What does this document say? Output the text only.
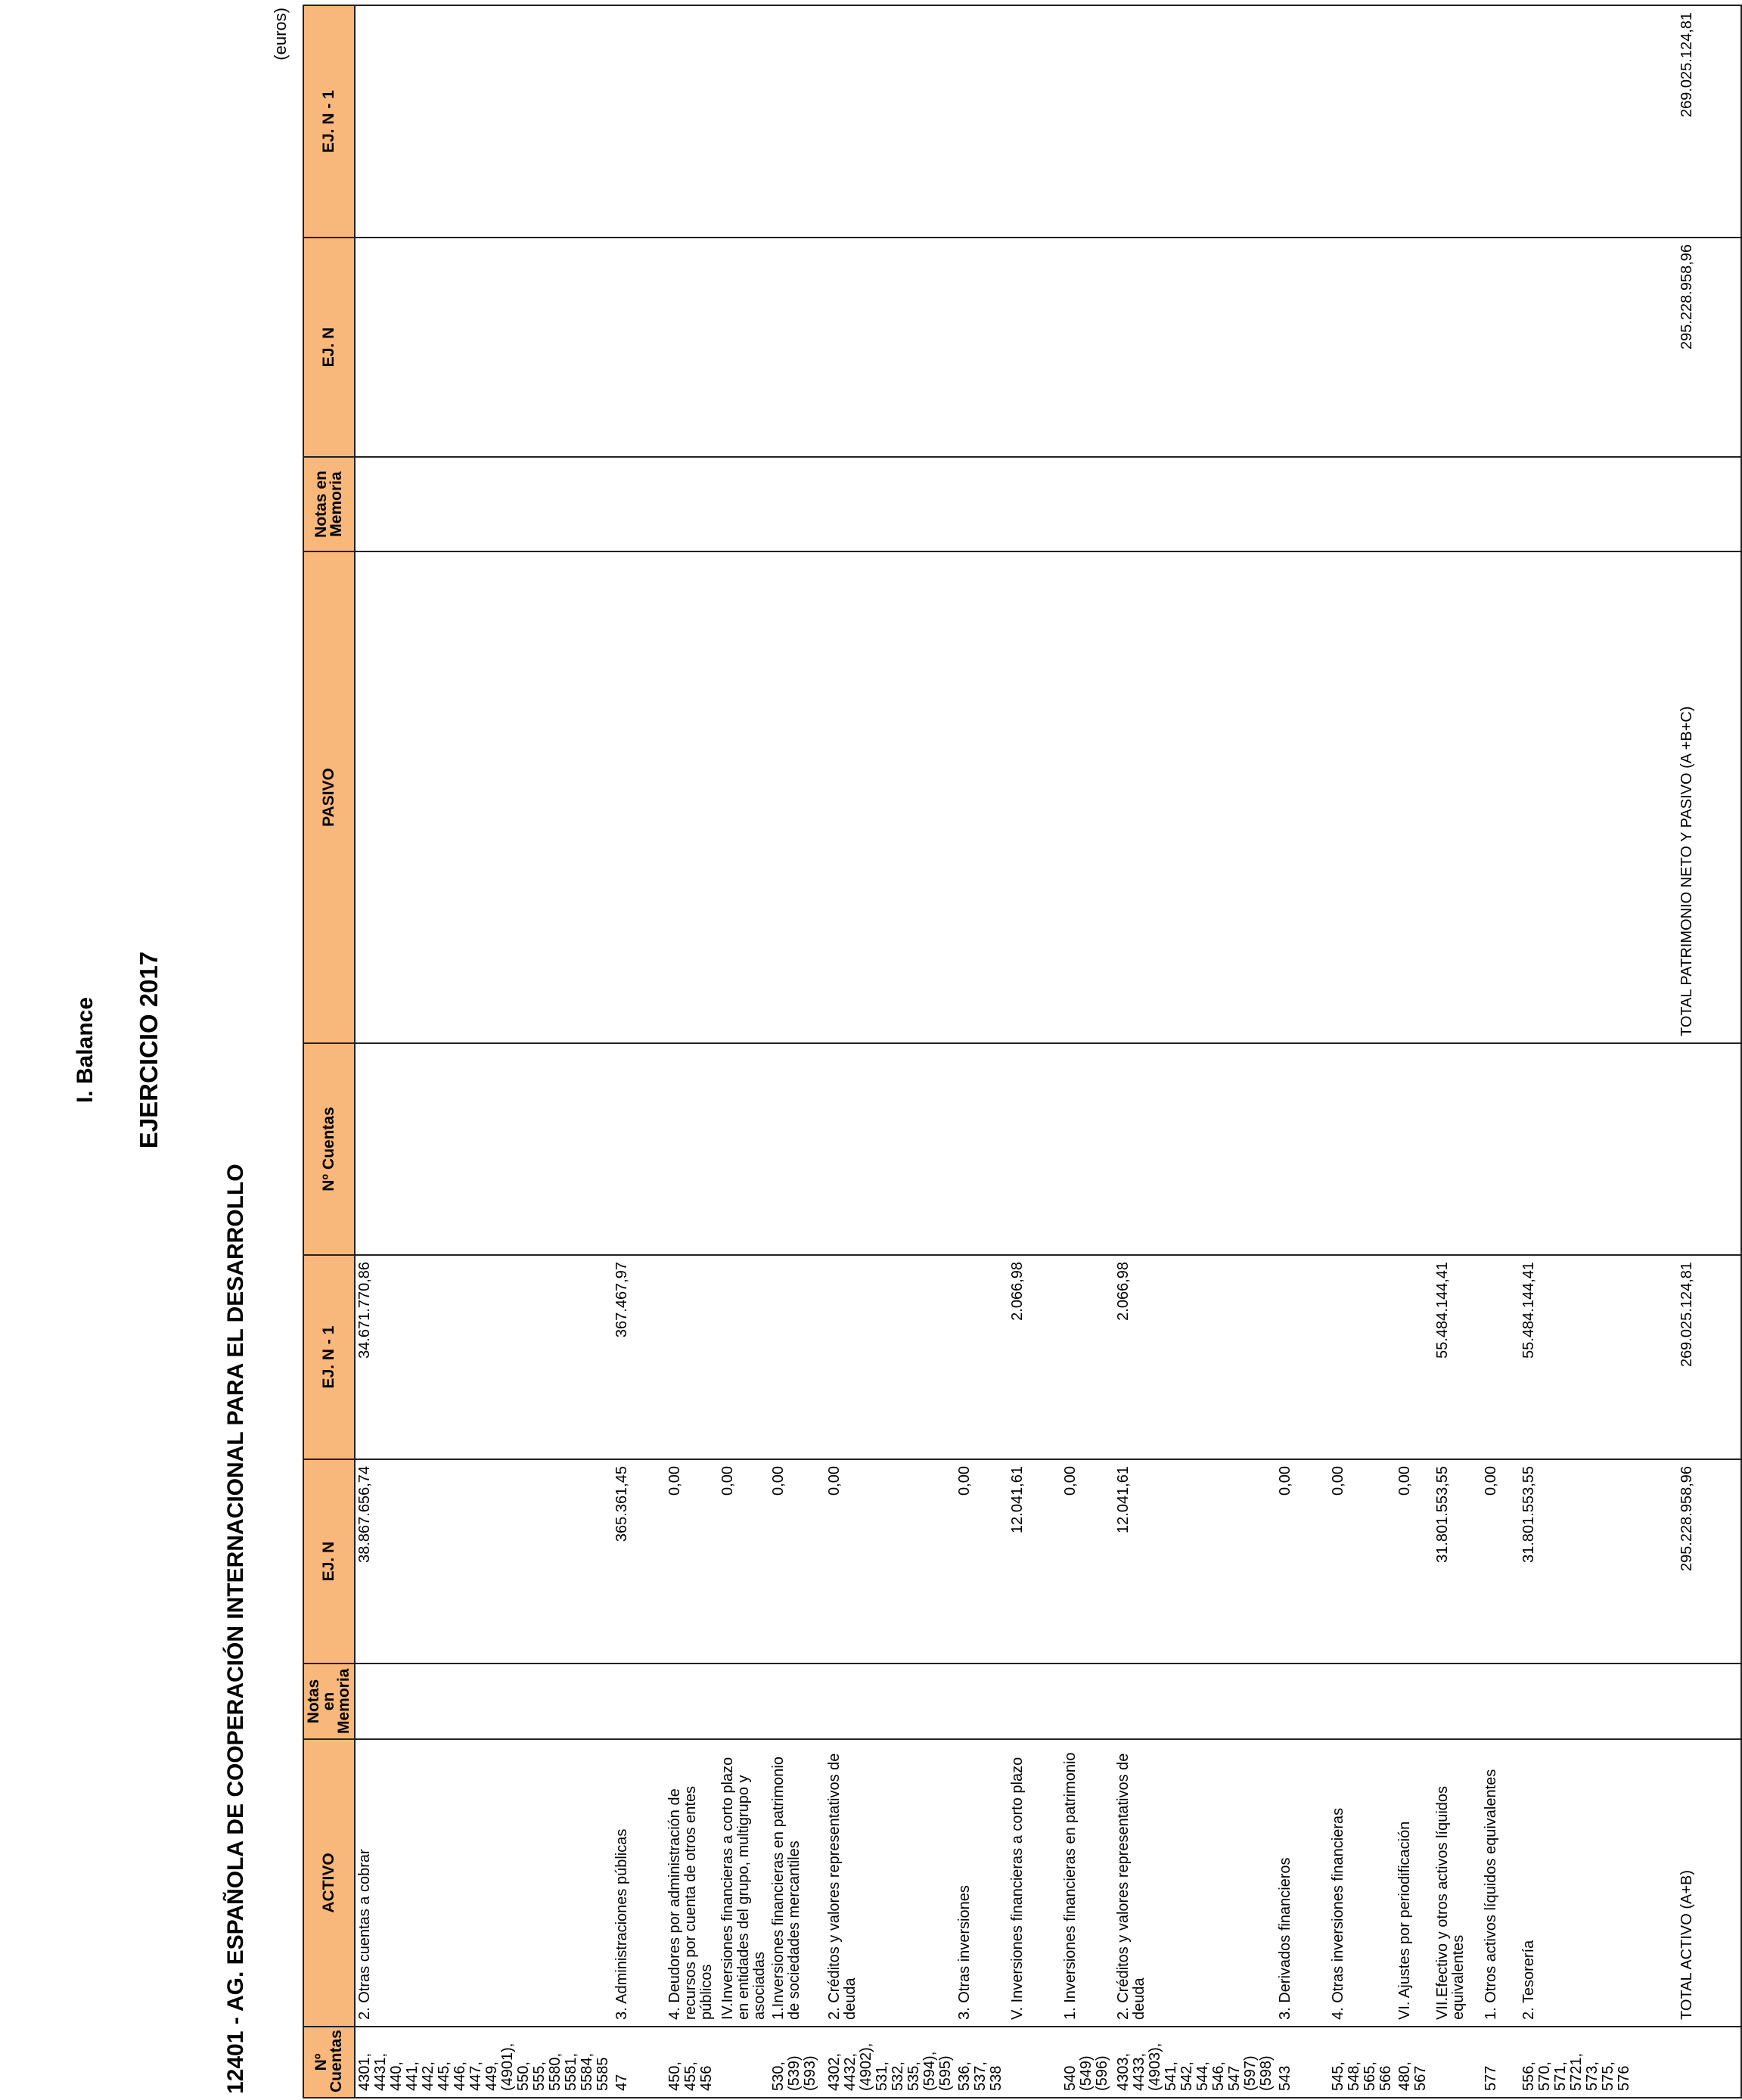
I. Balance EJERCICIO 2017
12401 - AG. ESPAÑOLA DE COOPERACIÓN INTERNACIONAL PARA EL DESARROLLO
(euros)
Nº Cuentas	ACTIVO	Notas en Memoria	EJ. N	EJ. N - 1	Nº Cuentas	PASIVO	Notas en Memoria	EJ. N	EJ. N - 1
4301, 4431, 440, 441, 442, 445, 446, 447, 449, (4901), 550, 555, 5580, 5581, 5584, 5585	2. Otras cuentas a cobrar		38.867.656,74	34.671.770,86					
47	3. Administraciones públicas		365.361,45	367.467,97					
450, 455, 456	4. Deudores por administración de recursos por cuenta de otros entes públicos		0,00						
	IV.Inversiones financieras a corto plazo en entidades del grupo, multigrupo y asociadas		0,00						
530, (539) (593)	1.Inversiones financieras en patrimonio de sociedades mercantiles		0,00						
4302, 4432, (4902), 531, 532, 535, (594), (595)	2. Créditos y valores representativos de deuda		0,00						
536, 537, 538	3. Otras inversiones		0,00						
	V. Inversiones financieras a corto plazo		12.041,61	2.066,98					
540 (549) (596)	1. Inversiones financieras en patrimonio		0,00						
4303, 4433, (4903), 541, 542, 544, 546, 547 (597) (598)	2. Créditos y valores representativos de deuda		12.041,61	2.066,98					
543	3. Derivados financieros		0,00						
545, 548, 565, 566	4. Otras inversiones financieras		0,00						
480, 567	VI. Ajustes por periodificación		0,00						
	VII.Efectivo y otros activos líquidos equivalentes		31.801.553,55	55.484.144,41					
577	1. Otros activos líquidos equivalentes		0,00						
556, 570, 571, 5721, 573, 575, 576	2. Tesorería		31.801.553,55	55.484.144,41					
	TOTAL ACTIVO (A+B)		295.228.958,96	269.025.124,81		TOTAL PATRIMONIO NETO Y PASIVO (A +B+C)		295.228.958,96	269.025.124,81
